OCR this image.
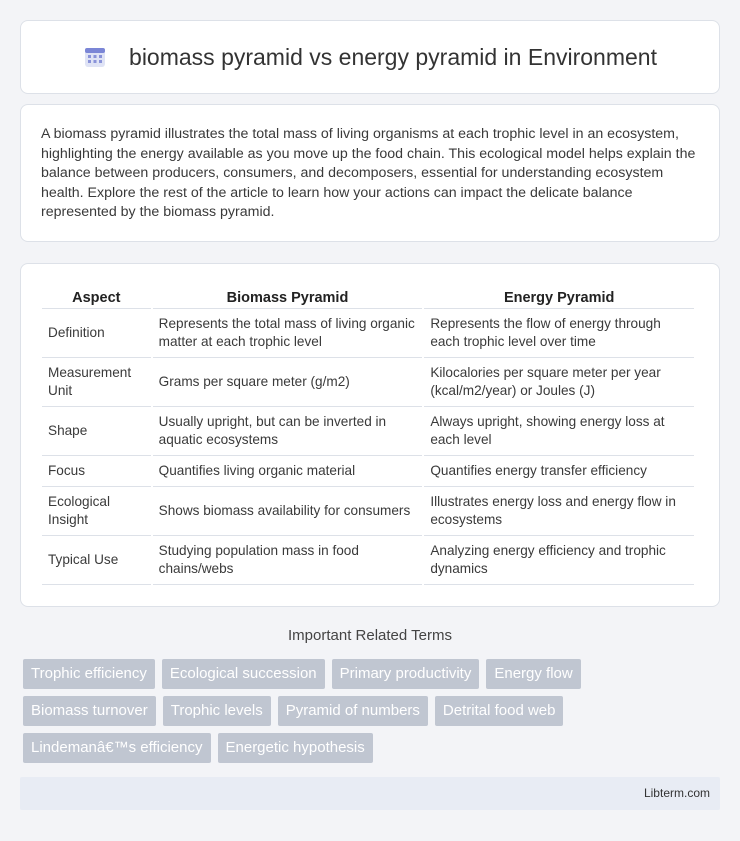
biomass pyramid vs energy pyramid in Environment

A biomass pyramid illustrates the total mass of living organisms at each trophic level in an ecosystem, highlighting the energy available as you move up the food chain. This ecological model helps explain the balance between producers, consumers, and decomposers, essential for understanding ecosystem health. Explore the rest of the article to learn how your actions can impact the delicate balance represented by the biomass pyramid.

Aspect	Biomass Pyramid	Energy Pyramid
Definition	Represents the total mass of living organic matter at each trophic level	Represents the flow of energy through each trophic level over time
Measurement Unit	Grams per square meter (g/m2)	Kilocalories per square meter per year (kcal/m2/year) or Joules (J)
Shape	Usually upright, but can be inverted in aquatic ecosystems	Always upright, showing energy loss at each level
Focus	Quantifies living organic material	Quantifies energy transfer efficiency
Ecological Insight	Shows biomass availability for consumers	Illustrates energy loss and energy flow in ecosystems
Typical Use	Studying population mass in food chains/webs	Analyzing energy efficiency and trophic dynamics
Important Related Terms
Trophic efficiency	Ecological succession	Primary productivity	Energy flow
Biomass turnover	Trophic levels	Pyramid of numbers	Detrital food web
Lindemanâ€™s efficiency	Energetic hypothesis
Libterm.com
